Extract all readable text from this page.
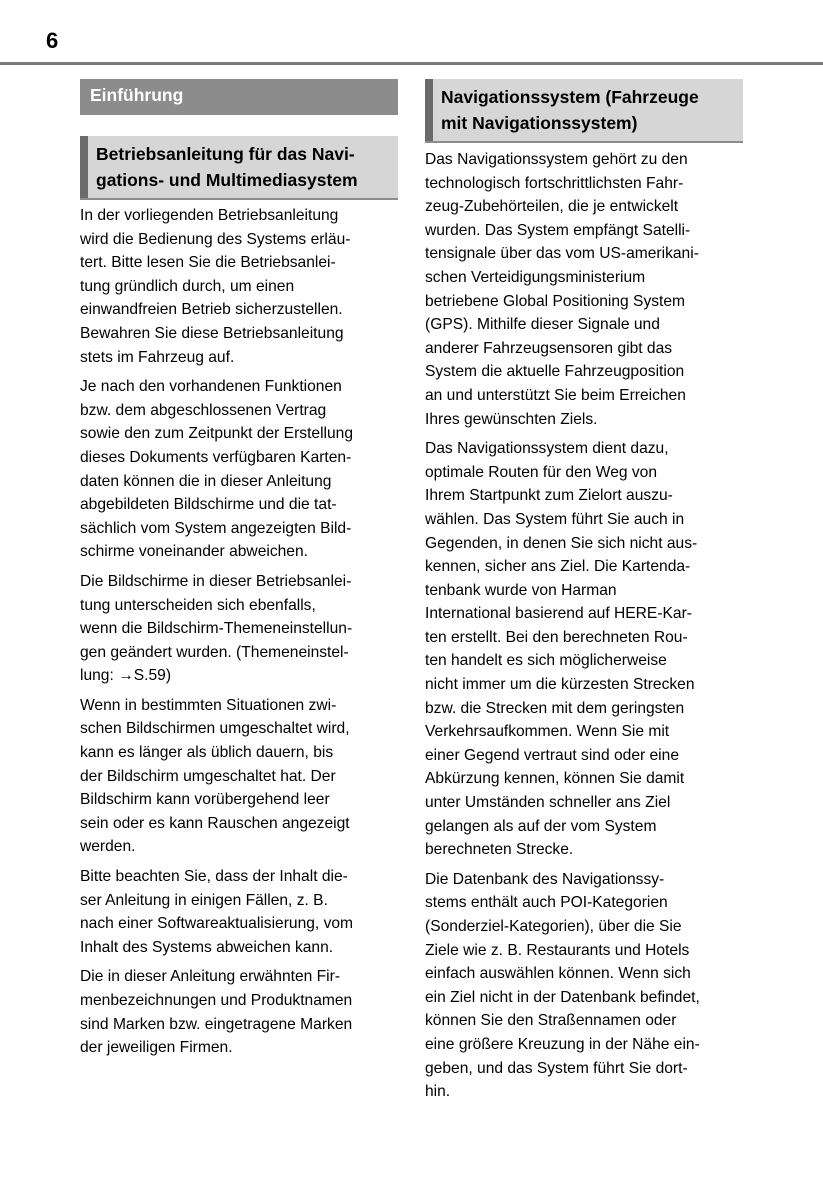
6
Einführung
Betriebsanleitung für das Navi-
gations- und Multimediasystem

In der vorliegenden Betriebsanleitung
wird die Bedienung des Systems erläu-
tert. Bitte lesen Sie die Betriebsanlei-
tung gründlich durch, um einen
einwandfreien Betrieb sicherzustellen.
Bewahren Sie diese Betriebsanleitung
stets im Fahrzeug auf.

Je nach den vorhandenen Funktionen
bzw. dem abgeschlossenen Vertrag
sowie den zum Zeitpunkt der Erstellung
dieses Dokuments verfügbaren Karten-
daten können die in dieser Anleitung
abgebildeten Bildschirme und die tat-
sächlich vom System angezeigten Bild-
schirme voneinander abweichen.

Die Bildschirme in dieser Betriebsanlei-
tung unterscheiden sich ebenfalls,
wenn die Bildschirm-Themeneinstellun-
gen geändert wurden. (Themeneinstel-
lung: →S.59)

Wenn in bestimmten Situationen zwi-
schen Bildschirmen umgeschaltet wird,
kann es länger als üblich dauern, bis
der Bildschirm umgeschaltet hat. Der
Bildschirm kann vorübergehend leer
sein oder es kann Rauschen angezeigt
werden.

Bitte beachten Sie, dass der Inhalt die-
ser Anleitung in einigen Fällen, z. B.
nach einer Softwareaktualisierung, vom
Inhalt des Systems abweichen kann.

Die in dieser Anleitung erwähnten Fir-
menbezeichnungen und Produktnamen
sind Marken bzw. eingetragene Marken
der jeweiligen Firmen.

Navigationssystem (Fahrzeuge
mit Navigationssystem)

Das Navigationssystem gehört zu den
technologisch fortschrittlichsten Fahr-
zeug-Zubehörteilen, die je entwickelt
wurden. Das System empfängt Satelli-
tensignale über das vom US-amerikani-
schen Verteidigungsministerium
betriebene Global Positioning System
(GPS). Mithilfe dieser Signale und
anderer Fahrzeugsensoren gibt das
System die aktuelle Fahrzeugposition
an und unterstützt Sie beim Erreichen
Ihres gewünschten Ziels.

Das Navigationssystem dient dazu,
optimale Routen für den Weg von
Ihrem Startpunkt zum Zielort auszu-
wählen. Das System führt Sie auch in
Gegenden, in denen Sie sich nicht aus-
kennen, sicher ans Ziel. Die Kartenda-
tenbank wurde von Harman
International basierend auf HERE-Kar-
ten erstellt. Bei den berechneten Rou-
ten handelt es sich möglicherweise
nicht immer um die kürzesten Strecken
bzw. die Strecken mit dem geringsten
Verkehrsaufkommen. Wenn Sie mit
einer Gegend vertraut sind oder eine
Abkürzung kennen, können Sie damit
unter Umständen schneller ans Ziel
gelangen als auf der vom System
berechneten Strecke.

Die Datenbank des Navigationssy-
stems enthält auch POI-Kategorien
(Sonderziel-Kategorien), über die Sie
Ziele wie z. B. Restaurants und Hotels
einfach auswählen können. Wenn sich
ein Ziel nicht in der Datenbank befindet,
können Sie den Straßennamen oder
eine größere Kreuzung in der Nähe ein-
geben, und das System führt Sie dort-
hin.
